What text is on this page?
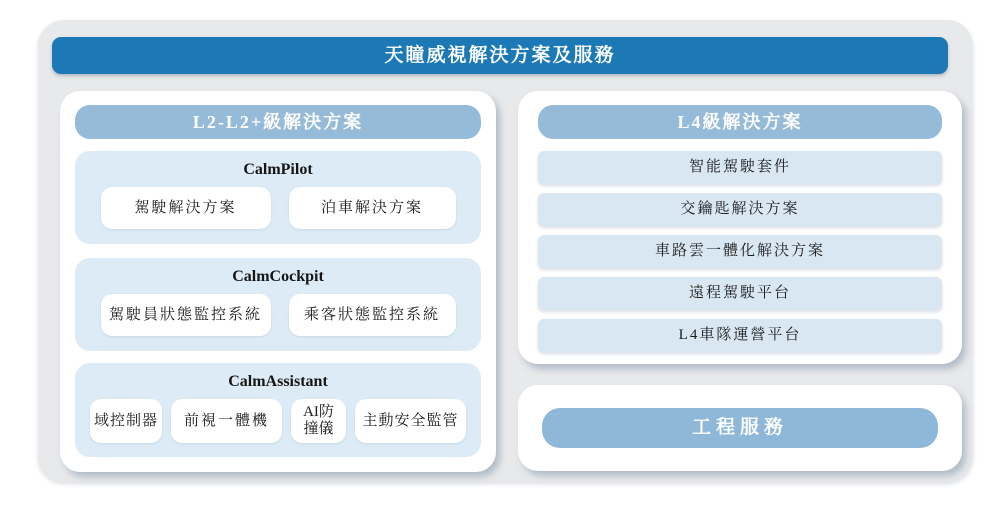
天瞳威視解決方案及服務
L2-L2+級解決方案
CalmPilot
駕駛解決方案	泊車解決方案
CalmCockpit
駕駛員狀態監控系統	乘客狀態監控系統
CalmAssistant
域控制器	前視一體機
AI防撞儀
主動安全監管
L4級解決方案
智能駕駛套件
交鑰匙解決方案
車路雲一體化解決方案
遠程駕駛平台
L4車隊運營平台
工程服務
